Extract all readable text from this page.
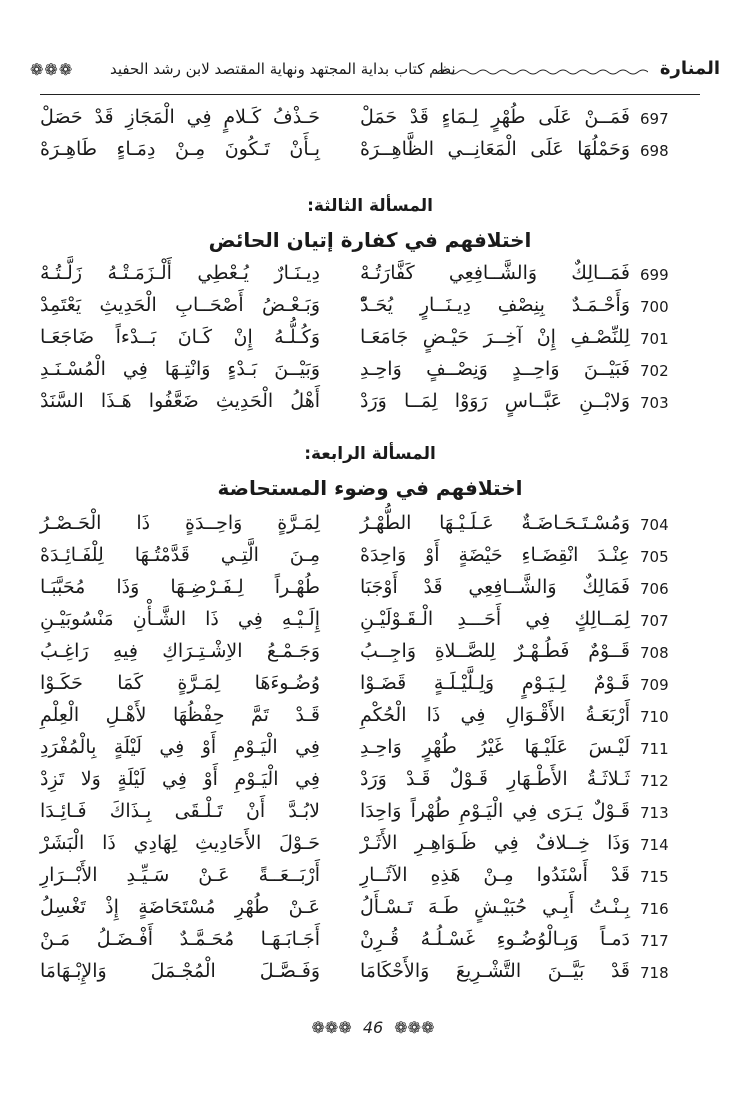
المنارة
نظم كتاب بداية المجتهد ونهاية المقتصد لابن رشد الحفيد
❁❁❁
697
فَمَــنْ عَلَى طُهْرٍ لِـمَاءٍ قَدْ حَمَلْ
حَـذْفُ كَـلامٍ فِي الْمَجَازِ قَدْ حَصَلْ
698
وَحَمْلُهَا عَلَى الْمَعَانِــي الظَّاهِــرَهْ
بِـأَنْ تَـكُونَ مِـنْ دِمَـاءٍ طَاهِـرَهْ
المسألة الثالثة:
اختلافهم في كفارة إتيان الحائض
699
فَمَــالِكٌ وَالشَّــافِعِي كَفَّارَتُـهْ
دِيـنَـارٌ يُـعْطِي أَلْـزَمَـتْـهُ زَلَّـتُـهْ
700
وَأَحْـمَـدٌ بِنِصْفِ دِيـنَــارٍ يُحَـدّْ
وَبَـعْـضُ أَصْحَــابِ الْحَدِيثِ يَعْتَمِدْ
701
لِلنِّصْـفِ إِنْ آخِــرَ حَيْـضٍ جَامَعَـا
وَكُـلُّـهُ إِنْ كَـانَ بَــدْءاً ضَاجَعَـا
702
فَبَيْــنَ وَاحِــدٍ وَنِصْــفٍ وَاحِـدِ
وَبَيْــنَ بَـدْءٍ وَانْتِـهَا فِي الْمُسْـنَـدِ
703
وَلابْــنِ عَبَّــاسٍ رَوَوْا لِمَــا وَرَدْ
أَهْلُ الْحَدِيثِ ضَعَّفُوا هَـذَا السَّنَدْ
المسألة الرابعة:
اختلافهم في وضوء المستحاضة
704
وَمُسْـتَـحَـاضَـةٌ عَـلَـيْـهَا الطُّهْـرُ
لِمَـرَّةٍ وَاحِــدَةٍ ذَا الْحَـصْـرُ
705
عِنْـدَ انْقِضَـاءِ حَيْضَةٍ أَوْ وَاحِدَهْ
مِـنَ الَّتِـي قَدَّمْتُـهَا لِلْفَـائِـدَهْ
706
فَمَالِكٌ وَالشَّــافِعِي قَدْ أَوْجَبَا
طُهْـراً لِـفَـرْضِـهَا وَذَا مُحَبَّبَـا
707
لِمَــالِكٍ فِي أَحَـــدِ الْـقَـوْلَيْـنِ
إِلَـيْـهِ فِي ذَا الشَّـأْنِ مَنْسُوبَيْـنِ
708
قَــوْمٌ فَطُـهْـرٌ لِلصَّــلاةِ وَاجِــبُ
وَجَـمْـعُ الاِشْـتِـرَاكِ فِيهِ رَاغِـبُ
709
قَـوْمٌ لِـيَـوْمٍ وَلِـلَّيْـلَـةٍ قَضَـوْا
وُضُـوءَهَا لِمَـرَّةٍ كَمَا حَكَـوْا
710
أَرْبَعَـةُ الأَقْـوَالِ فِي ذَا الْحُكْمِ
قَـدْ تَمَّ حِفْظُهَا لأَهْـلِ الْعِلْمِ
711
لَيْـسَ عَلَيْـهَا غَيْرُ طُهْرٍ وَاحِـدِ
فِي الْيَـوْمِ أَوْ فِي لَيْلَةٍ بِالْمُفْرَدِ
712
ثَـلاثَـةُ الأَطْـهَارِ قَـوْلٌ قَـدْ وَرَدْ
فِي الْيَـوْمِ أَوْ فِي لَيْلَةٍ وَلا تَزِدْ
713
قَـوْلٌ يَـرَى فِي الْيَـوْمِ طُهْراً وَاحِدَا
لابُـدَّ أَنْ تَـلْـقَى بِـذَاكَ فَـائِـدَا
714
وَذَا خِــلافٌ فِي ظَـوَاهِـرِ الأَثَـرْ
حَـوْلَ الأَحَادِيثِ لِهَادِي ذَا الْبَشَرْ
715
قَدْ أَسْنَدُوا مِـنْ هَذِهِ الآثَــارِ
أَرْبَــعَــةً عَـنْ سَـيِّـدِ الأَبْــرَارِ
716
بِـنْـتُ أَبِـي حُبَيْـشٍ طَـهَ تَـسْـأَلُ
عَـنْ طُهْرِ مُسْتَحَاضَةٍ إِذْ تَغْسِلُ
717
دَمـاً وَبِـالْوُضُـوءِ غَسْـلُـهُ قُـرِنْ
أَجَـابَـهَـا مُحَـمَّـدٌ أَفْـضَـلُ مَـنْ
718
قَدْ بَيَّــنَ التَّشْـرِيعَ وَالأَحْكَامَا
وَفَـصَّـلَ الْمُجْـمَلَ وَالإِبْـهَامَا
❁❁❁ 46 ❁❁❁
